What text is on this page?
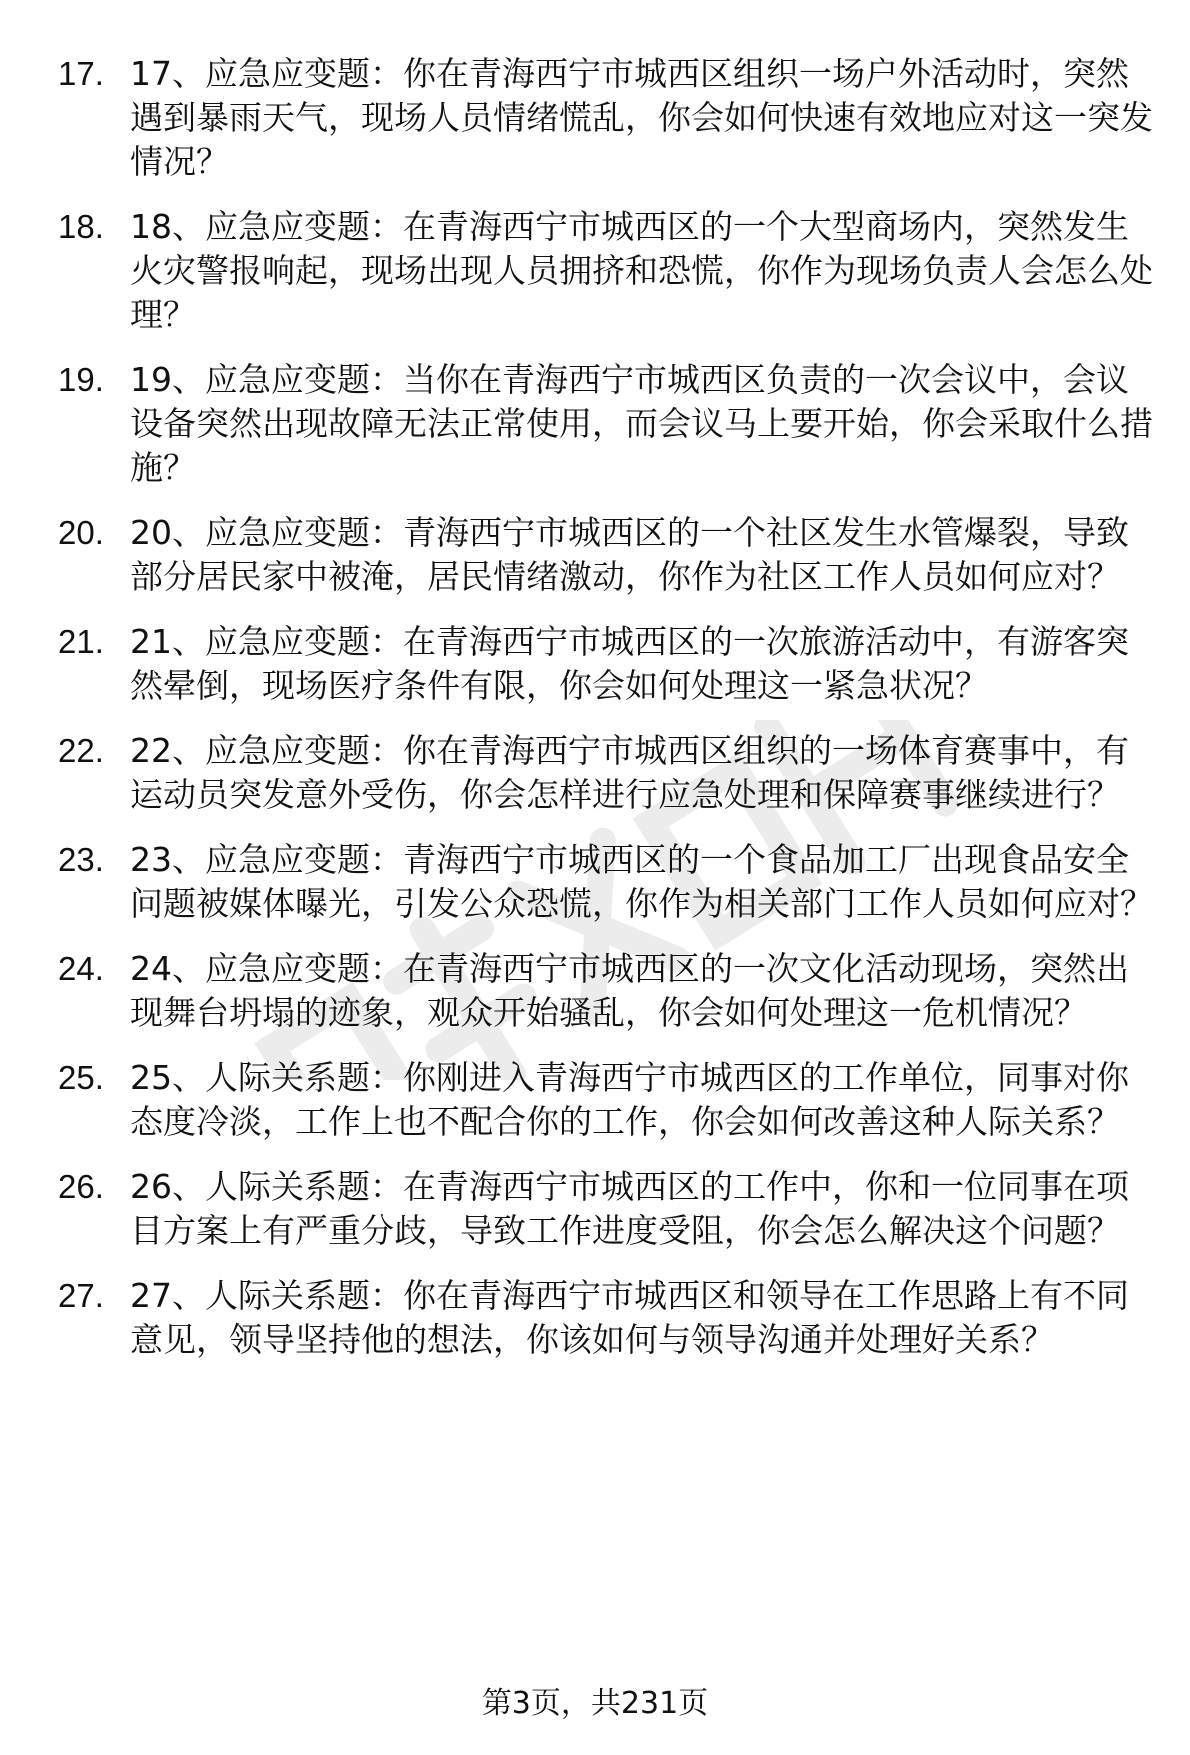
17. 17、应急应变题：你在青海西宁市城西区组织一场户外活动时，突然遇到暴雨天气，现场人员情绪慌乱，你会如何快速有效地应对这一突发情况？
18. 18、应急应变题：在青海西宁市城西区的一个大型商场内，突然发生火灾警报响起，现场出现人员拥挤和恐慌，你作为现场负责人会怎么处理？
19. 19、应急应变题：当你在青海西宁市城西区负责的一次会议中，会议设备突然出现故障无法正常使用，而会议马上要开始，你会采取什么措施？
20. 20、应急应变题：青海西宁市城西区的一个社区发生水管爆裂，导致部分居民家中被淹，居民情绪激动，你作为社区工作人员如何应对？
21. 21、应急应变题：在青海西宁市城西区的一次旅游活动中，有游客突然晕倒，现场医疗条件有限，你会如何处理这一紧急状况？
22. 22、应急应变题：你在青海西宁市城西区组织的一场体育赛事中，有运动员突发意外受伤，你会怎样进行应急处理和保障赛事继续进行？
23. 23、应急应变题：青海西宁市城西区的一个食品加工厂出现食品安全问题被媒体曝光，引发公众恐慌，你作为相关部门工作人员如何应对？
24. 24、应急应变题：在青海西宁市城西区的一次文化活动现场，突然出现舞台坍塌的迹象，观众开始骚乱，你会如何处理这一危机情况？
25. 25、人际关系题：你刚进入青海西宁市城西区的工作单位，同事对你态度冷淡，工作上也不配合你的工作，你会如何改善这种人际关系？
26. 26、人际关系题：在青海西宁市城西区的工作中，你和一位同事在项目方案上有严重分歧，导致工作进度受阻，你会怎么解决这个问题？
27. 27、人际关系题：你在青海西宁市城西区和领导在工作思路上有不同意见，领导坚持他的想法，你该如何与领导沟通并处理好关系？
第3页，共231页
